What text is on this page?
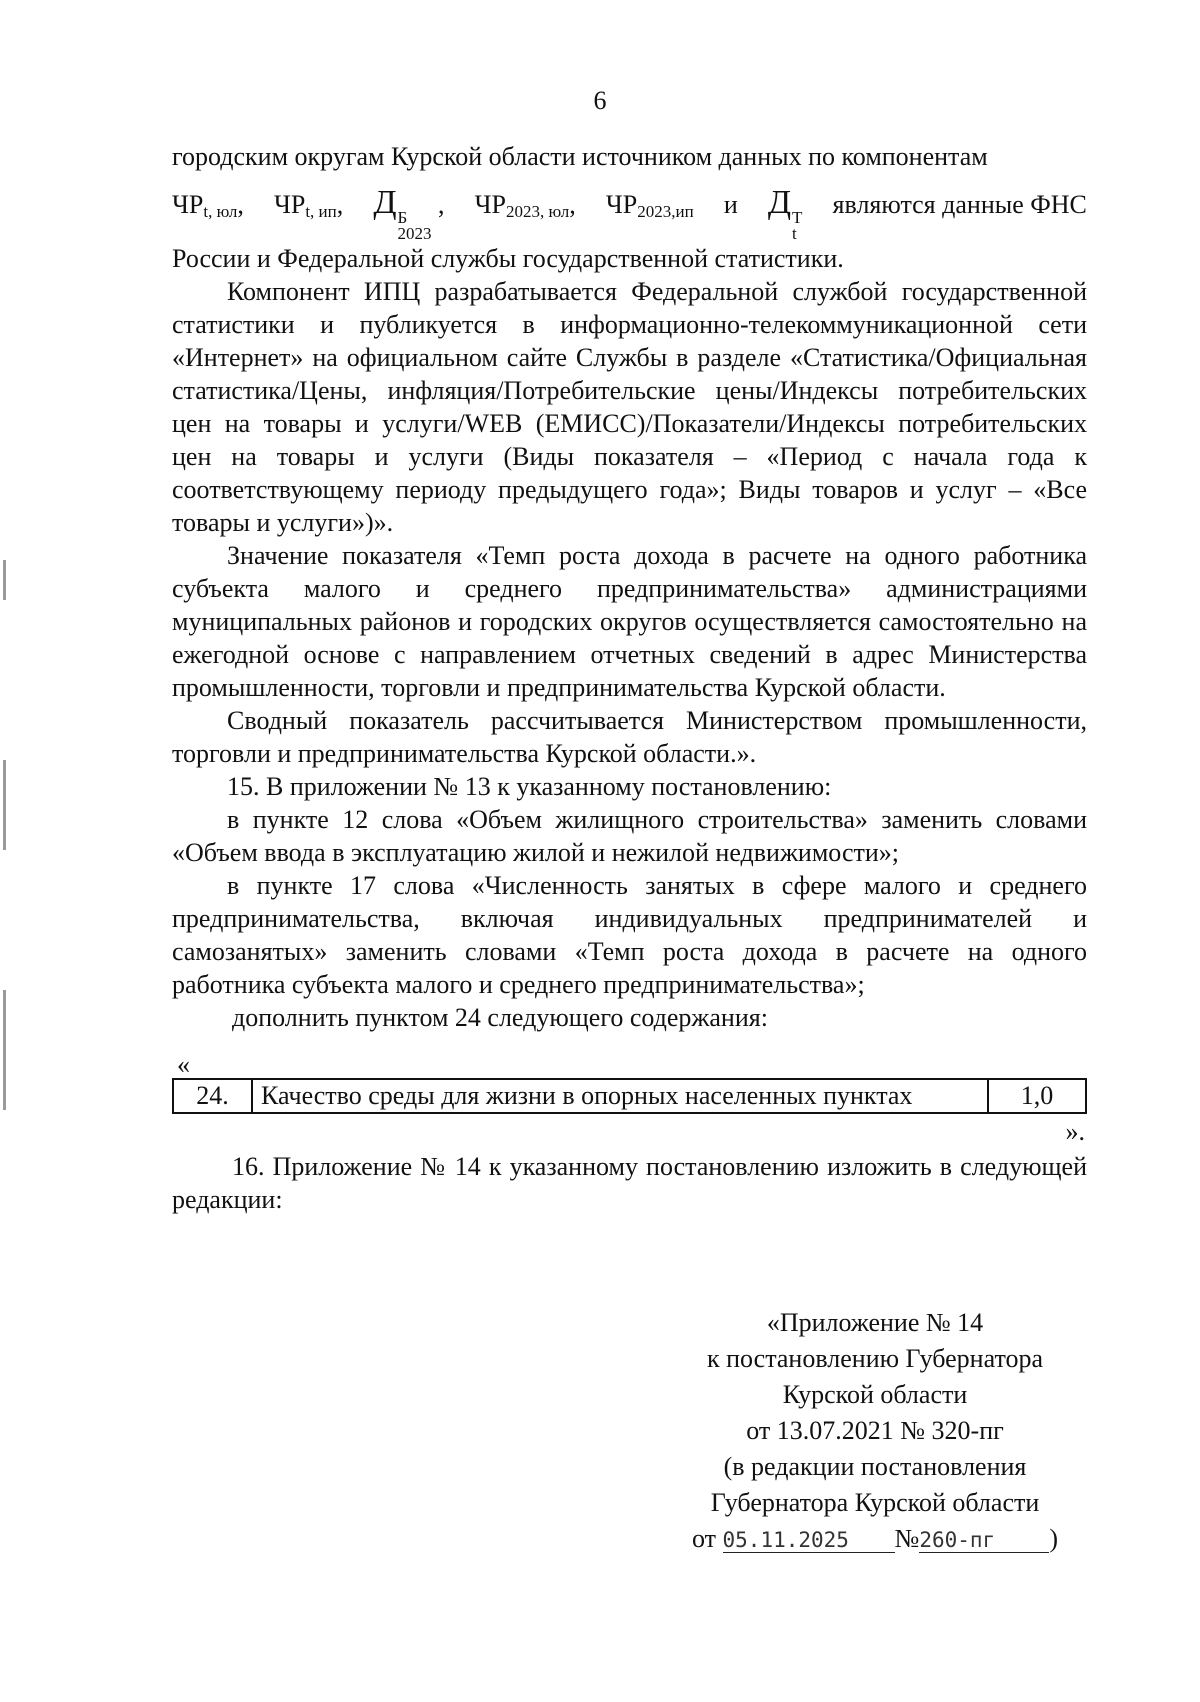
6

городским округам Курской области источником данных по компонентам

$ЧР_{t, юл}$, $ЧР_{t, ип}$, Д Б
2023
, $ЧР_{2023, юл}$, $ЧР_{2023,ип}$ и Д Т
t
являются данные ФНС

России и Федеральной службы государственной статистики.

Компонент ИПЦ разрабатывается Федеральной службой государственной статистики и публикуется в информационно-телекоммуникационной сети «Интернет» на официальном сайте Службы в разделе «Статистика/Официальная статистика/Цены, инфляция/Потребительские цены/Индексы потребительских цен на товары и услуги/WEB (ЕМИСС)/Показатели/Индексы потребительских цен на товары и услуги (Виды показателя – «Период с начала года к соответствующему периоду предыдущего года»; Виды товаров и услуг – «Все товары и услуги»)».

Значение показателя «Темп роста дохода в расчете на одного работника субъекта малого и среднего предпринимательства» администрациями муниципальных районов и городских округов осуществляется самостоятельно на ежегодной основе с направлением отчетных сведений в адрес Министерства промышленности, торговли и предпринимательства Курской области.

Сводный показатель рассчитывается Министерством промышленности, торговли и предпринимательства Курской области.».

15. В приложении № 13 к указанному постановлению:

в пункте 12 слова «Объем жилищного строительства» заменить словами «Объем ввода в эксплуатацию жилой и нежилой недвижимости»;

в пункте 17 слова «Численность занятых в сфере малого и среднего предпринимательства, включая индивидуальных предпринимателей и самозанятых» заменить словами «Темп роста дохода в расчете на одного работника субъекта малого и среднего предпринимательства»;

дополнить пунктом 24 следующего содержания:

«
24.	Качество среды для жизни в опорных населенных пунктах	1,0

».

16. Приложение № 14 к указанному постановлению изложить в следующей редакции:

«Приложение № 14
к постановлению Губернатора
Курской области
от 13.07.2021 № 320-пг
(в редакции постановления
Губернатора Курской области
от 05.11.2025 №260-пг )
